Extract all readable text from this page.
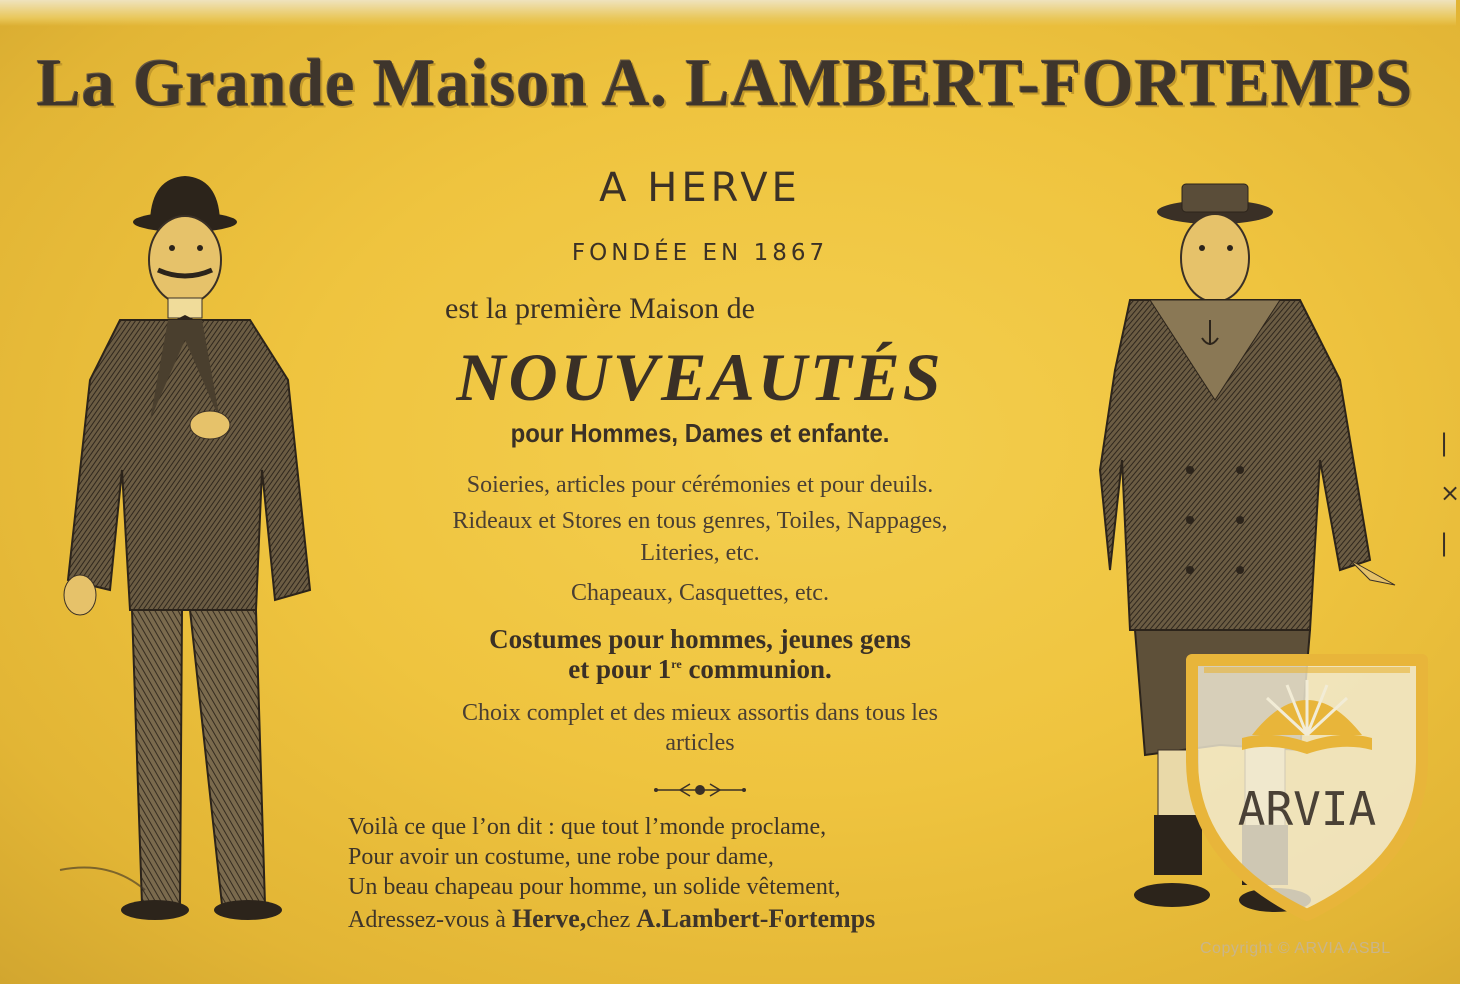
La Grande Maison A. LAMBERT-FORTEMPS
A HERVE
FONDÉE EN 1867
est la première Maison de
NOUVEAUTÉS
pour Hommes, Dames et enfante.
Soieries, articles pour cérémonies et pour deuils.
Rideaux et Stores en tous genres, Toiles, Nappages,
Literies, etc.
Chapeaux, Casquettes, etc.
Costumes pour hommes, jeunes gens
et pour 1re communion.
Choix complet et des mieux assortis dans tous les
articles
Voilà ce que l’on dit : que tout l’monde proclame,
Pour avoir un costume, une robe pour dame,
Un beau chapeau pour homme, un solide vêtement,
Adressez-vous à Herve,chez A.Lambert-Fortemps
ARVIA
Copyright © ARVIA ASBL
|
×
|
